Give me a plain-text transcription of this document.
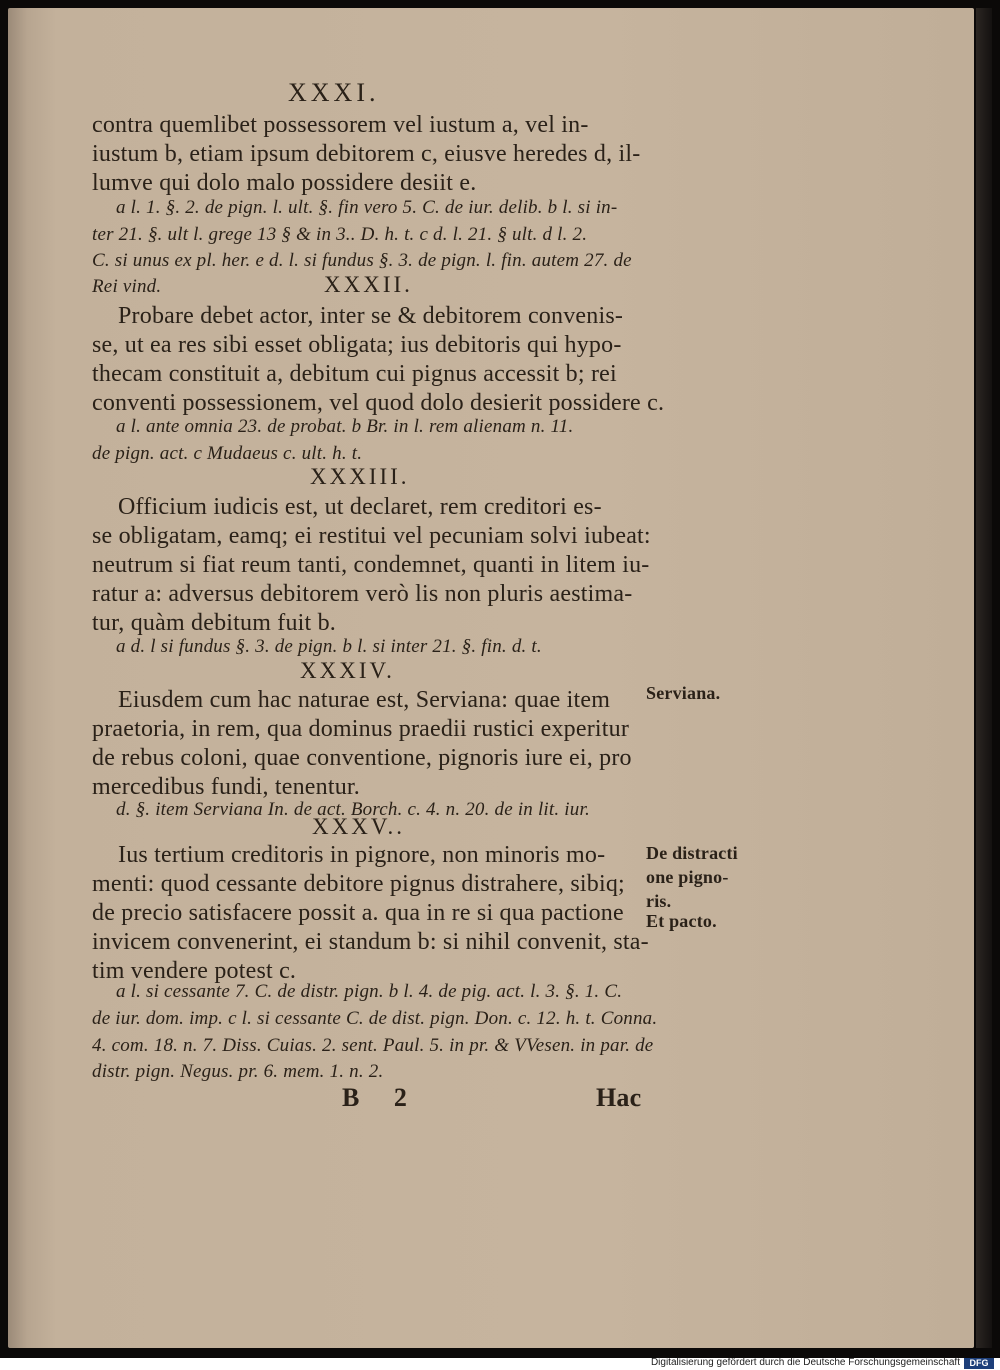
XXXI.
contra quemlibet possessorem vel iustum a, vel in-
iustum b, etiam ipsum debitorem c, eiusve heredes d, il-
lumve qui dolo malo possidere desiit e.
a l. 1. §. 2. de pign. l. ult. §. fin vero 5. C. de iur. delib. b l. si in-
ter 21. §. ult l. grege 13 § & in 3.. D. h. t. c d. l. 21. § ult. d l. 2.
C. si unus ex pl. her. e d. l. si fundus §. 3. de pign. l. fin. autem 27. de
Rei vind.	XXXII.
Probare debet actor, inter se & debitorem convenis-
se, ut ea res sibi esset obligata; ius debitoris qui hypo-
thecam constituit a, debitum cui pignus accessit b; rei
conventi possessionem, vel quod dolo desierit possidere c.
a l. ante omnia 23. de probat. b Br. in l. rem alienam n. 11.
de pign. act. c Mudaeus c. ult. h. t.
XXXIII.
Officium iudicis est, ut declaret, rem creditori es-
se obligatam, eamq; ei restitui vel pecuniam solvi iubeat:
neutrum si fiat reum tanti, condemnet, quanti in litem iu-
ratur a: adversus debitorem verò lis non pluris aestima-
tur, quàm debitum fuit b.
a d. l si fundus §. 3. de pign. b l. si inter 21. §. fin. d. t.
XXXIV.
Eiusdem cum hac naturae est, Serviana: quae item
praetoria, in rem, qua dominus praedii rustici experitur
de rebus coloni, quae conventione, pignoris iure ei, pro
mercedibus fundi, tenentur.
d. §. item Serviana In. de act. Borch. c. 4. n. 20. de in lit. iur.
Serviana.
XXXV..
Ius tertium creditoris in pignore, non minoris mo-
menti: quod cessante debitore pignus distrahere, sibiq;
de precio satisfacere possit a. qua in re si qua pactione
invicem convenerint, ei standum b: si nihil convenit, sta-
tim vendere potest c.
a l. si cessante 7. C. de distr. pign. b l. 4. de pig. act. l. 3. §. 1. C.
de iur. dom. imp. c l. si cessante C. de dist. pign. Don. c. 12. h. t. Conna.
4. com. 18. n. 7. Diss. Cuias. 2. sent. Paul. 5. in pr. & VVesen. in par. de
distr. pign. Negus. pr. 6. mem. 1. n. 2.
De distracti
one pigno-
ris.
Et pacto.
B 2	Hac
Digitalisierung gefördert durch die Deutsche Forschungsgemeinschaft	DFG
